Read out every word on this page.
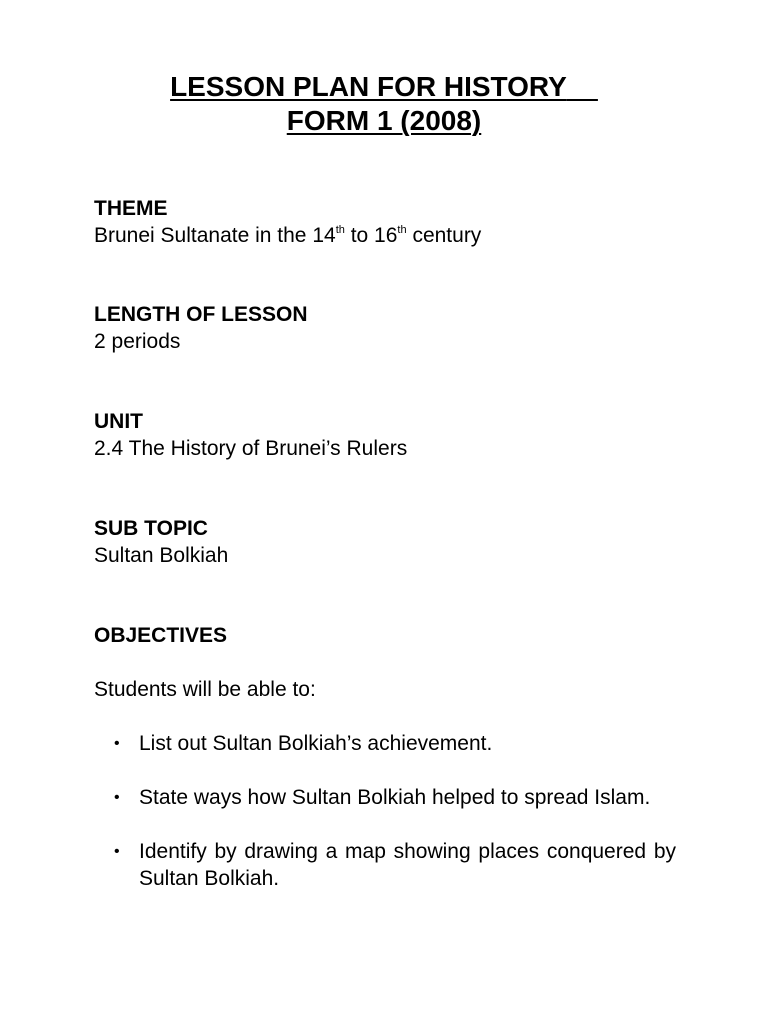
LESSON PLAN FOR HISTORY
FORM 1 (2008)
THEME
Brunei Sultanate in the 14th to 16th century
LENGTH OF LESSON
2 periods
UNIT
2.4 The History of Brunei’s Rulers
SUB TOPIC
Sultan Bolkiah
OBJECTIVES
Students will be able to:
• List out Sultan Bolkiah’s achievement.
• State ways how Sultan Bolkiah helped to spread Islam.
• Identify by drawing a map showing places conquered by Sultan Bolkiah.
